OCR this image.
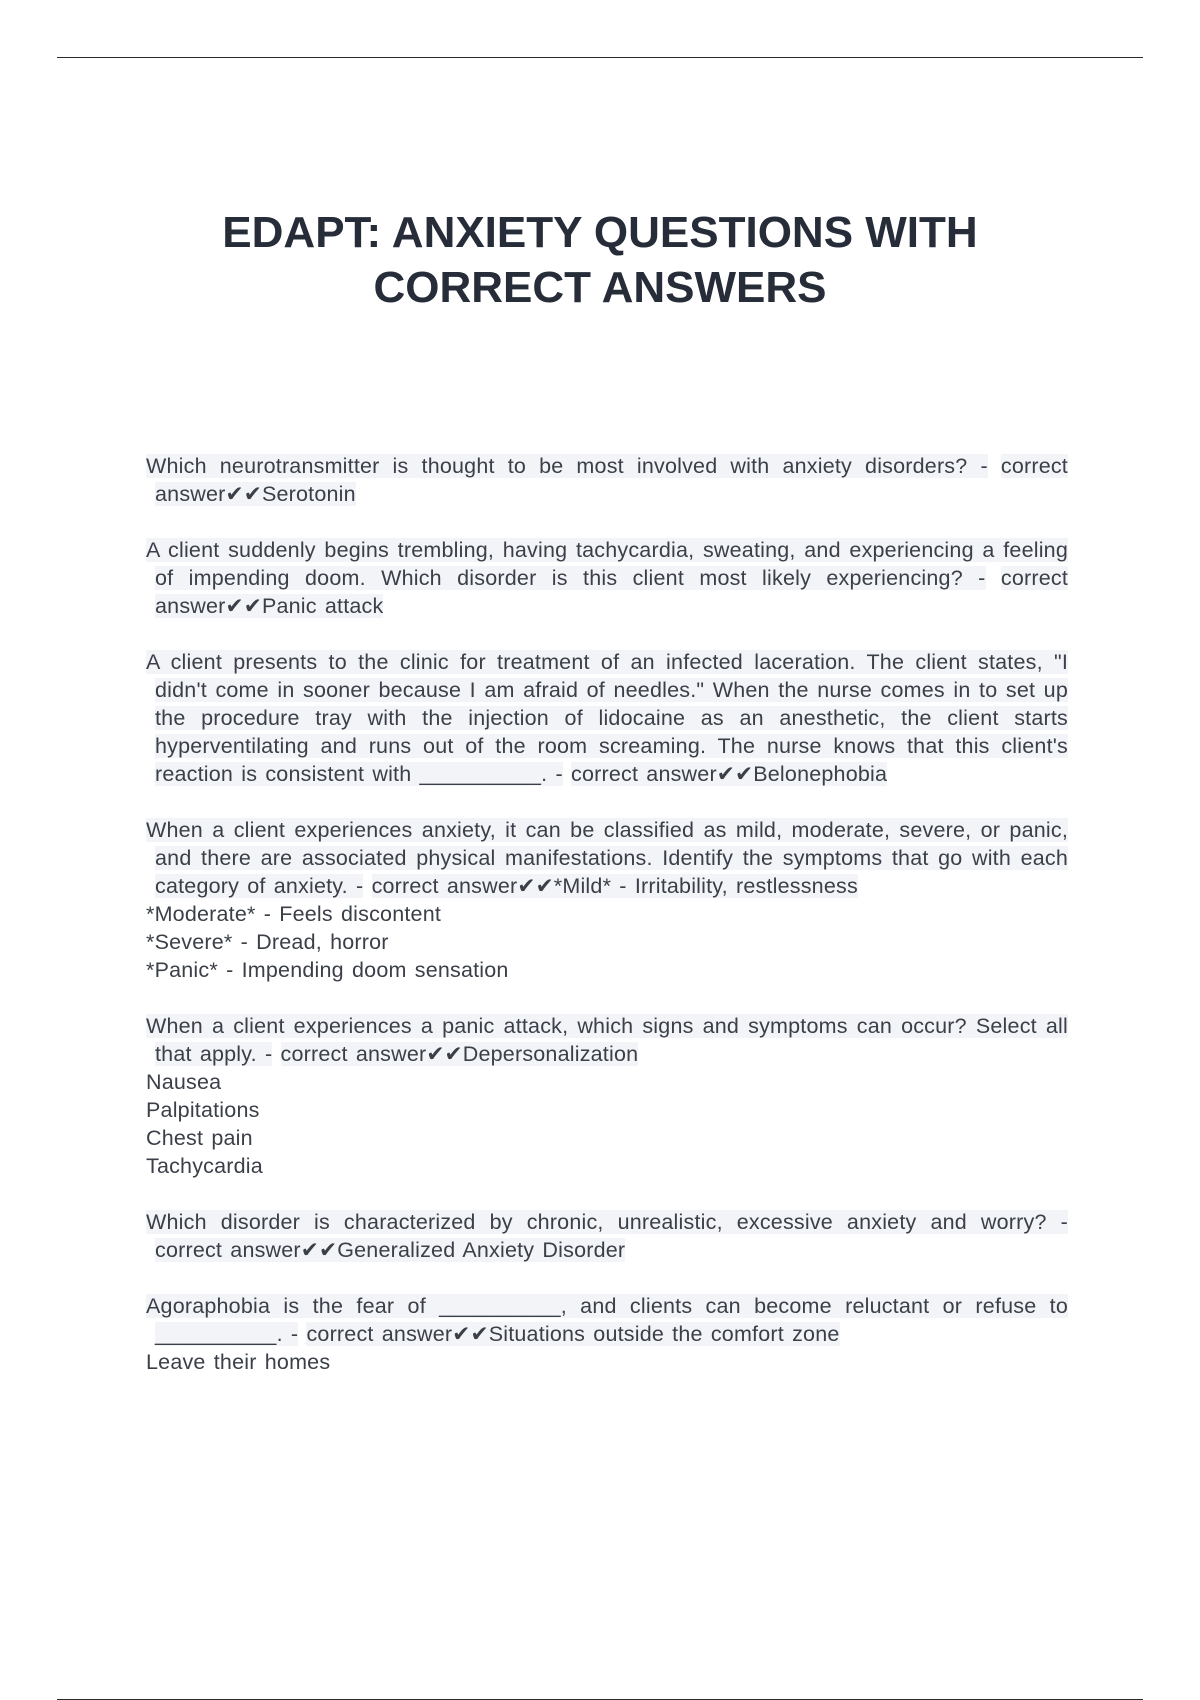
EDAPT: ANXIETY QUESTIONS WITH
CORRECT ANSWERS
Which neurotransmitter is thought to be most involved with anxiety disorders? - correct answer✔✔Serotonin
A client suddenly begins trembling, having tachycardia, sweating, and experiencing a feeling of impending doom. Which disorder is this client most likely experiencing? - correct answer✔✔Panic attack
A client presents to the clinic for treatment of an infected laceration. The client states, "I didn't come in sooner because I am afraid of needles." When the nurse comes in to set up the procedure tray with the injection of lidocaine as an anesthetic, the client starts hyperventilating and runs out of the room screaming. The nurse knows that this client's reaction is consistent with __________. - correct answer✔✔Belonephobia
When a client experiences anxiety, it can be classified as mild, moderate, severe, or panic, and there are associated physical manifestations. Identify the symptoms that go with each category of anxiety. - correct answer✔✔*Mild* - Irritability, restlessness
*Moderate* - Feels discontent
*Severe* - Dread, horror
*Panic* - Impending doom sensation
When a client experiences a panic attack, which signs and symptoms can occur? Select all that apply. - correct answer✔✔Depersonalization
Nausea
Palpitations
Chest pain
Tachycardia
Which disorder is characterized by chronic, unrealistic, excessive anxiety and worry? - correct answer✔✔Generalized Anxiety Disorder
Agoraphobia is the fear of __________, and clients can become reluctant or refuse to __________. - correct answer✔✔Situations outside the comfort zone
Leave their homes
